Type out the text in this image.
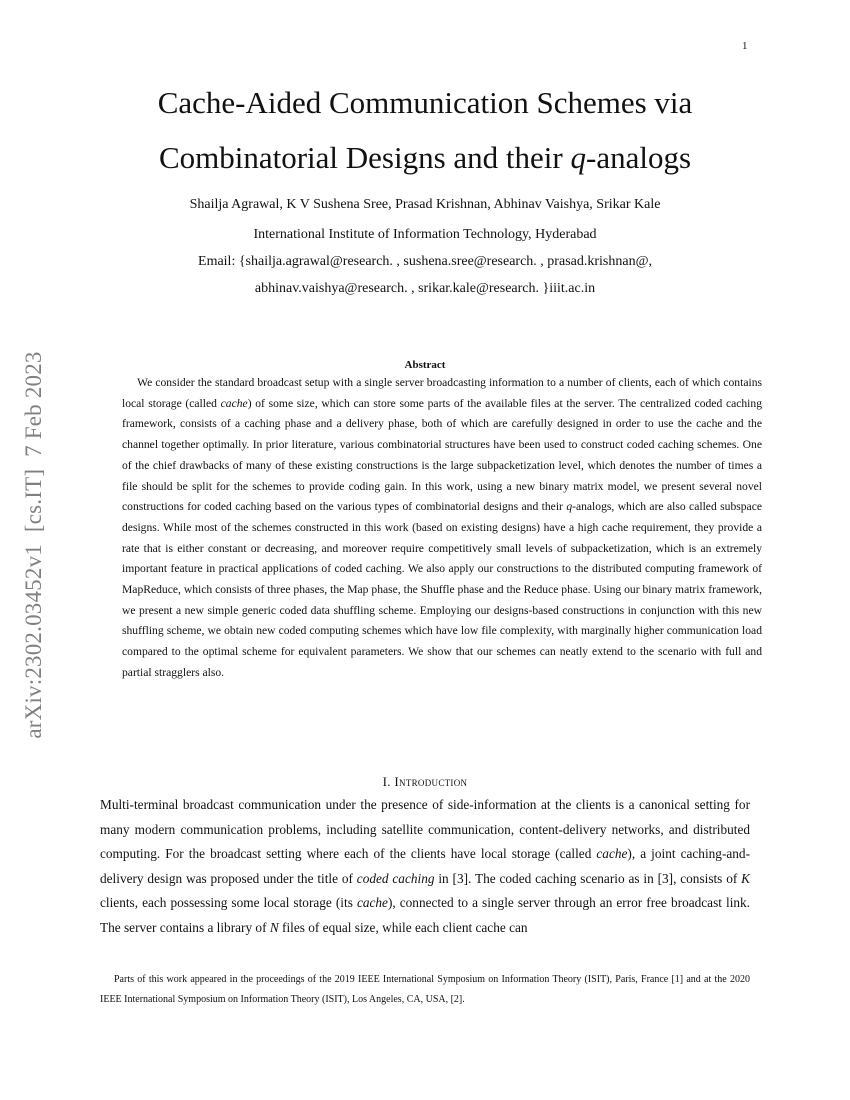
1
arXiv:2302.03452v1  [cs.IT]  7 Feb 2023
Cache-Aided Communication Schemes via
Combinatorial Designs and their q-analogs
Shailja Agrawal, K V Sushena Sree, Prasad Krishnan, Abhinav Vaishya, Srikar Kale
International Institute of Information Technology, Hyderabad
Email: {shailja.agrawal@research. , sushena.sree@research. , prasad.krishnan@,
abhinav.vaishya@research. , srikar.kale@research. }iiit.ac.in
Abstract

We consider the standard broadcast setup with a single server broadcasting information to a number of clients, each of which contains local storage (called cache) of some size, which can store some parts of the available files at the server. The centralized coded caching framework, consists of a caching phase and a delivery phase, both of which are carefully designed in order to use the cache and the channel together optimally. In prior literature, various combinatorial structures have been used to construct coded caching schemes. One of the chief drawbacks of many of these existing constructions is the large subpacketization level, which denotes the number of times a file should be split for the schemes to provide coding gain. In this work, using a new binary matrix model, we present several novel constructions for coded caching based on the various types of combinatorial designs and their q-analogs, which are also called subspace designs. While most of the schemes constructed in this work (based on existing designs) have a high cache requirement, they provide a rate that is either constant or decreasing, and moreover require competitively small levels of subpacketization, which is an extremely important feature in practical applications of coded caching. We also apply our constructions to the distributed computing framework of MapReduce, which consists of three phases, the Map phase, the Shuffle phase and the Reduce phase. Using our binary matrix framework, we present a new simple generic coded data shuffling scheme. Employing our designs-based constructions in conjunction with this new shuffling scheme, we obtain new coded computing schemes which have low file complexity, with marginally higher communication load compared to the optimal scheme for equivalent parameters. We show that our schemes can neatly extend to the scenario with full and partial stragglers also.

I. Introduction

Multi-terminal broadcast communication under the presence of side-information at the clients is a canonical setting for many modern communication problems, including satellite communication, content-delivery networks, and distributed computing. For the broadcast setting where each of the clients have local storage (called cache), a joint caching-and-delivery design was proposed under the title of coded caching in [3]. The coded caching scenario as in [3], consists of K clients, each possessing some local storage (its cache), connected to a single server through an error free broadcast link. The server contains a library of N files of equal size, while each client cache can

Parts of this work appeared in the proceedings of the 2019 IEEE International Symposium on Information Theory (ISIT), Paris, France [1] and at the 2020 IEEE International Symposium on Information Theory (ISIT), Los Angeles, CA, USA, [2].
